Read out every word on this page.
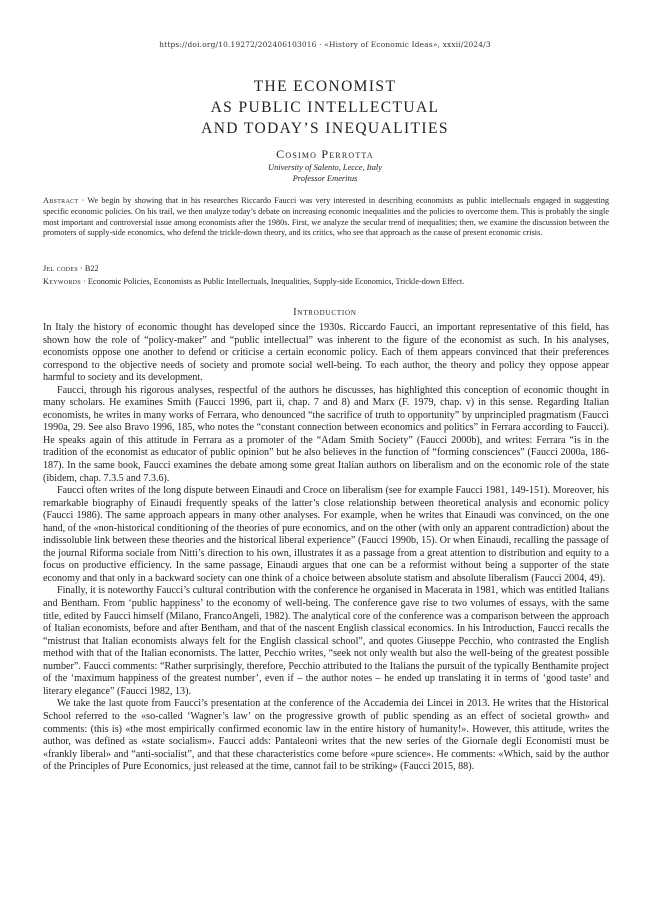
https://doi.org/10.19272/202406103016 · «History of Economic Ideas», xxxii/2024/3
THE ECONOMIST
AS PUBLIC INTELLECTUAL
AND TODAY’S INEQUALITIES
Cosimo Perrotta
University of Salento, Lecce, Italy
Professor Emeritus
Abstract · We begin by showing that in his researches Riccardo Faucci was very interested in describing economists as public intellectuals engaged in suggesting specific economic policies. On his trail, we then analyze today’s debate on increasing economic inequalities and the policies to overcome them. This is probably the single most important and controversial issue among economists after the 1980s. First, we analyze the secular trend of inequalities; then, we examine the discussion between the promoters of supply-side economics, who defend the trickle-down theory, and its critics, who see that approach as the cause of present economic crisis.
Jel codes · B22
Keywords · Economic Policies, Economists as Public Intellectuals, Inequalities, Supply-side Economics, Trickle-down Effect.
Introduction

In Italy the history of economic thought has developed since the 1930s. Riccardo Faucci, an important representative of this field, has shown how the role of “policy-maker” and “public intellectual” was inherent to the figure of the economist as such. In his analyses, economists oppose one another to defend or criticise a certain economic policy. Each of them appears convinced that their preferences correspond to the objective needs of society and promote social well-being. To each author, the theory and policy they oppose appear harmful to society and its development.

Faucci, through his rigorous analyses, respectful of the authors he discusses, has highlighted this conception of economic thought in many scholars. He examines Smith (Faucci 1996, part ii, chap. 7 and 8) and Marx (F. 1979, chap. v) in this sense. Regarding Italian economists, he writes in many works of Ferrara, who denounced “the sacrifice of truth to opportunity” by unprincipled pragmatism (Faucci 1990a, 29. See also Bravo 1996, 185, who notes the “constant connection between economics and politics” in Ferrara according to Faucci). He speaks again of this attitude in Ferrara as a promoter of the “Adam Smith Society” (Faucci 2000b), and writes: Ferrara “is in the tradition of the economist as educator of public opinion” but he also believes in the function of “forming consciences” (Faucci 2000a, 186-187). In the same book, Faucci examines the debate among some great Italian authors on liberalism and on the economic role of the state (ibidem, chap. 7.3.5 and 7.3.6).

Faucci often writes of the long dispute between Einaudi and Croce on liberalism (see for example Faucci 1981, 149-151). Moreover, his remarkable biography of Einaudi frequently speaks of the latter’s close relationship between theoretical analysis and economic policy (Faucci 1986). The same approach appears in many other analyses. For example, when he writes that Einaudi was convinced, on the one hand, of the «non-historical conditioning of the theories of pure economics, and on the other (with only an apparent contradiction) about the indissoluble link between these theories and the historical liberal experience” (Faucci 1990b, 15). Or when Einaudi, recalling the passage of the journal Riforma sociale from Nitti’s direction to his own, illustrates it as a passage from a great attention to distribution and equity to a focus on productive efficiency. In the same passage, Einaudi argues that one can be a reformist without being a supporter of the state economy and that only in a backward society can one think of a choice between absolute statism and absolute liberalism (Faucci 2004, 49).

Finally, it is noteworthy Faucci’s cultural contribution with the conference he organised in Macerata in 1981, which was entitled Italians and Bentham. From ‘public happiness’ to the economy of well-being. The conference gave rise to two volumes of essays, with the same title, edited by Faucci himself (Milano, FrancoAngeli, 1982). The analytical core of the conference was a comparison between the approach of Italian economists, before and after Bentham, and that of the nascent English classical economics. In his Introduction, Faucci recalls the “mistrust that Italian economists always felt for the English classical school”, and quotes Giuseppe Pecchio, who contrasted the English method with that of the Italian economists. The latter, Pecchio writes, “seek not only wealth but also the well-being of the greatest possible number”. Faucci comments: “Rather surprisingly, therefore, Pecchio attributed to the Italians the pursuit of the typically Benthamite project of the ‘maximum happiness of the greatest number’, even if – the author notes – he ended up translating it in terms of ‘good taste’ and literary elegance” (Faucci 1982, 13).

We take the last quote from Faucci’s presentation at the conference of the Accademia dei Lincei in 2013. He writes that the Historical School referred to the «so-called ‘Wagner’s law’ on the progressive growth of public spending as an effect of societal growth» and comments: (this is) «the most empirically confirmed economic law in the entire history of humanity!». However, this attitude, writes the author, was defined as «state socialism». Faucci adds: Pantaleoni writes that the new series of the Giornale degli Economisti must be «frankly liberal» and “anti-socialist”, and that these characteristics come before «pure science». He comments: «Which, said by the author of the Principles of Pure Economics, just released at the time, cannot fail to be striking» (Faucci 2015, 88).
